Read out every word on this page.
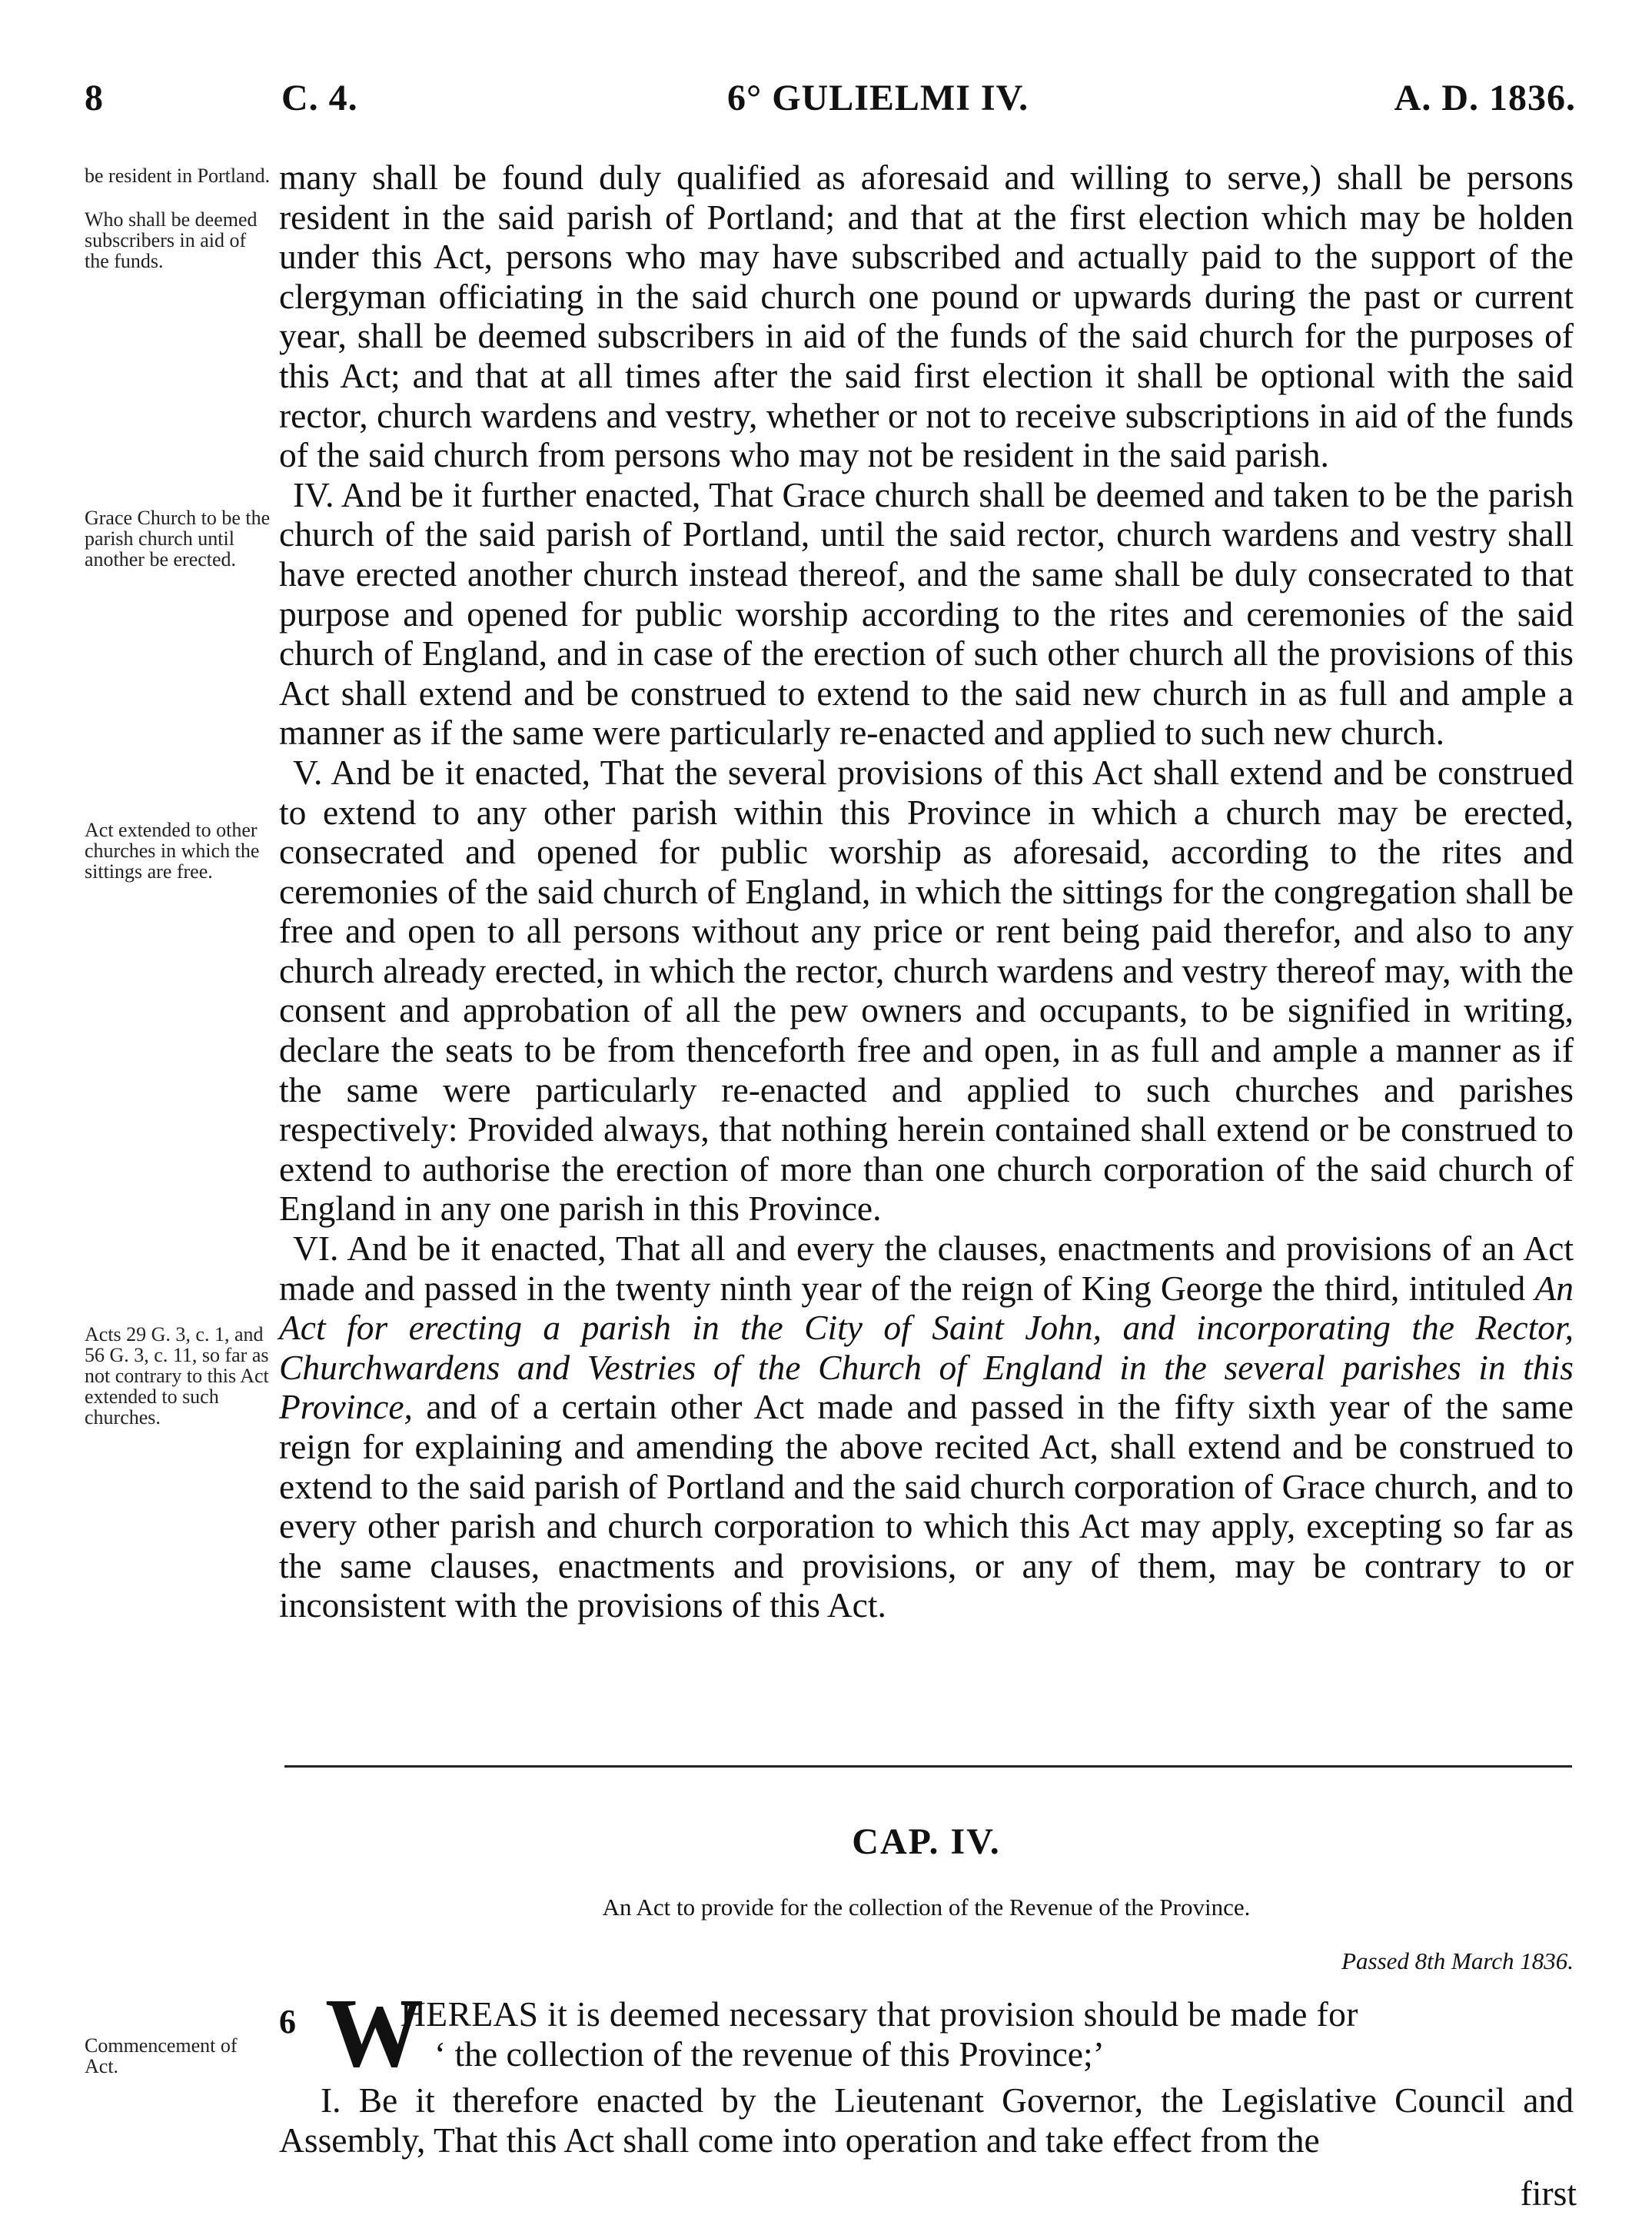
8	C. 4.	6° GULIELMI IV.	A. D. 1836.
be resident in Portland.
Who shall be deemed subscribers in aid of the funds.
Grace Church to be the parish church until another be erected.
Act extended to other churches in which the sittings are free.
Acts 29 G. 3, c. 1, and 56 G. 3, c. 11, so far as not contrary to this Act extended to such churches.
Commencement of Act.

many shall be found duly qualified as aforesaid and willing to serve,) shall be persons resident in the said parish of Portland; and that at the first election which may be holden under this Act, persons who may have subscribed and actually paid to the support of the clergyman officiating in the said church one pound or upwards during the past or current year, shall be deemed subscribers in aid of the funds of the said church for the purposes of this Act; and that at all times after the said first election it shall be optional with the said rector, church wardens and vestry, whether or not to receive subscriptions in aid of the funds of the said church from persons who may not be resident in the said parish.

IV. And be it further enacted, That Grace church shall be deemed and taken to be the parish church of the said parish of Portland, until the said rector, church wardens and vestry shall have erected another church instead thereof, and the same shall be duly consecrated to that purpose and opened for public worship according to the rites and ceremonies of the said church of England, and in case of the erection of such other church all the provisions of this Act shall extend and be construed to extend to the said new church in as full and ample a manner as if the same were particularly re-enacted and applied to such new church.

V. And be it enacted, That the several provisions of this Act shall extend and be construed to extend to any other parish within this Province in which a church may be erected, consecrated and opened for public worship as aforesaid, according to the rites and ceremonies of the said church of England, in which the sittings for the congregation shall be free and open to all persons without any price or rent being paid therefor, and also to any church already erected, in which the rector, church wardens and vestry thereof may, with the consent and approbation of all the pew owners and occupants, to be signified in writing, declare the seats to be from thenceforth free and open, in as full and ample a manner as if the same were particularly re-enacted and applied to such churches and parishes respectively: Provided always, that nothing herein contained shall extend or be construed to extend to authorise the erection of more than one church corporation of the said church of England in any one parish in this Province.

VI. And be it enacted, That all and every the clauses, enactments and provisions of an Act made and passed in the twenty ninth year of the reign of King George the third, intituled An Act for erecting a parish in the City of Saint John, and incorporating the Rector, Churchwardens and Vestries of the Church of England in the several parishes in this Province, and of a certain other Act made and passed in the fifty sixth year of the same reign for explaining and amending the above recited Act, shall extend and be construed to extend to the said parish of Portland and the said church corporation of Grace church, and to every other parish and church corporation to which this Act may apply, excepting so far as the same clauses, enactments and provisions, or any of them, may be contrary to or inconsistent with the provisions of this Act.

CAP. IV.
An Act to provide for the collection of the Revenue of the Province.
Passed 8th March 1836.
6 W
HEREAS it is deemed necessary that provision should be made for
‘ the collection of the revenue of this Province;’

I. Be it therefore enacted by the Lieutenant Governor, the Legislative Council and Assembly, That this Act shall come into operation and take effect from the

first
